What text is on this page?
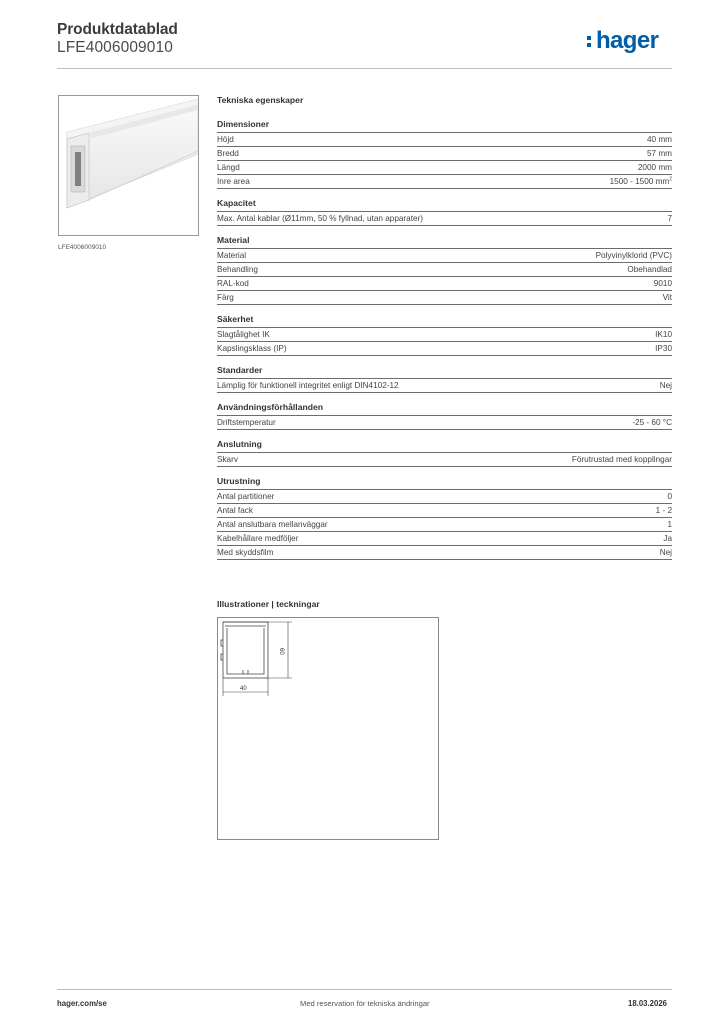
Produktdatablad
LFE4006009010	hager
LFE4006009010
Tekniska egenskaper
Dimensioner
Höjd	40 mm
Bredd	57 mm
Längd	2000 mm
Inre area	1500 - 1500 $mm^2$
Kapacitet
Max. Antal kablar (Ø11mm, 50 % fyllnad, utan apparater)	7
Material
Material	Polyvinylklorid (PVC)
Behandling	Obehandlad
RAL-kod	9010
Färg	Vit
Säkerhet
Slagtålighet IK	IK10
Kapslingsklass (IP)	IP30
Standarder
Lämplig för funktionell integritet enligt DIN4102-12	Nej
Användningsförhållanden
Driftstemperatur	-25 - 60 °C
Anslutning
Skarv	Förutrustad med kopplingar
Utrustning
Antal partitioner	0
Antal fack	1 - 2
Antal anslutbara mellanväggar	1
Kabelhållare medföljer	Ja
Med skyddsfilm	Nej
Illustrationer | teckningar
60
40
hager.com/se	Med reservation för tekniska ändringar	18.03.2026
